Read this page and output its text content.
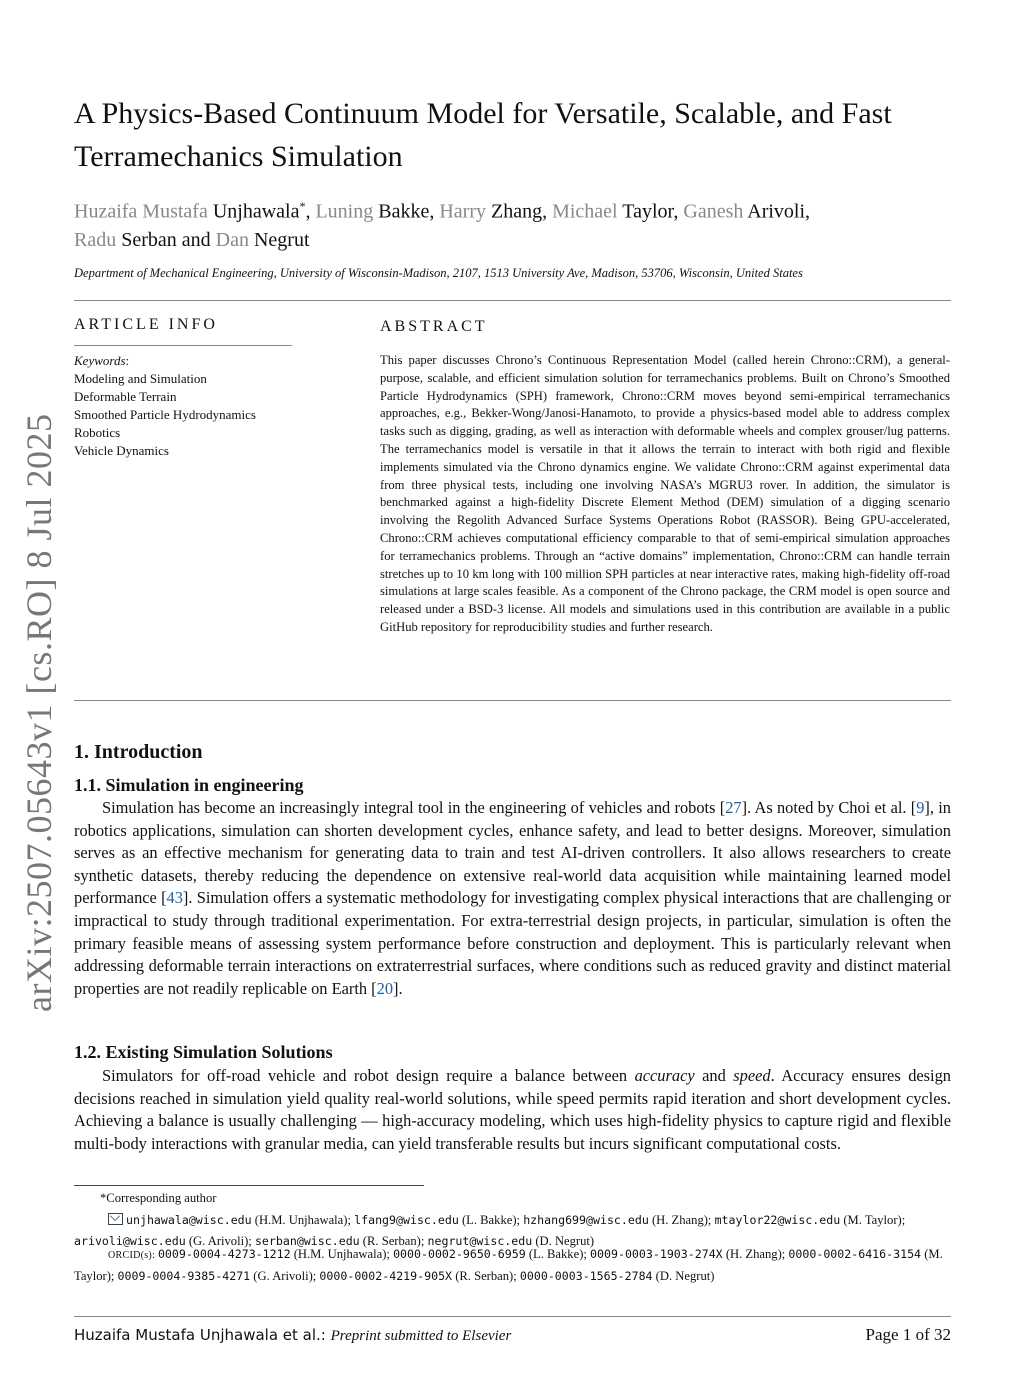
arXiv:2507.05643v1 [cs.RO] 8 Jul 2025
A Physics-Based Continuum Model for Versatile, Scalable, and Fast Terramechanics Simulation
Huzaifa Mustafa Unjhawala*, Luning Bakke, Harry Zhang, Michael Taylor, Ganesh Arivoli,
Radu Serban and Dan Negrut
Department of Mechanical Engineering, University of Wisconsin-Madison, 2107, 1513 University Ave, Madison, 53706, Wisconsin, United States
ARTICLE INFO
Keywords:
Modeling and Simulation
Deformable Terrain
Smoothed Particle Hydrodynamics
Robotics
Vehicle Dynamics
ABSTRACT
This paper discusses Chrono’s Continuous Representation Model (called herein Chrono::CRM), a general-purpose, scalable, and efficient simulation solution for terramechanics problems. Built on Chrono’s Smoothed Particle Hydrodynamics (SPH) framework, Chrono::CRM moves beyond semi-empirical terramechanics approaches, e.g., Bekker-Wong/Janosi-Hanamoto, to provide a physics-based model able to address complex tasks such as digging, grading, as well as interaction with deformable wheels and complex grouser/lug patterns. The terramechanics model is versatile in that it allows the terrain to interact with both rigid and flexible implements simulated via the Chrono dynamics engine. We validate Chrono::CRM against experimental data from three physical tests, including one involving NASA’s MGRU3 rover. In addition, the simulator is benchmarked against a high-fidelity Discrete Element Method (DEM) simulation of a digging scenario involving the Regolith Advanced Surface Systems Operations Robot (RASSOR). Being GPU-accelerated, Chrono::CRM achieves computational efficiency comparable to that of semi-empirical simulation approaches for terramechanics problems. Through an “active domains” implementation, Chrono::CRM can handle terrain stretches up to 10 km long with 100 million SPH particles at near interactive rates, making high-fidelity off-road simulations at large scales feasible. As a component of the Chrono package, the CRM model is open source and released under a BSD-3 license. All models and simulations used in this contribution are available in a public GitHub repository for reproducibility studies and further research.
1. Introduction
1.1. Simulation in engineering
Simulation has become an increasingly integral tool in the engineering of vehicles and robots [27]. As noted by Choi et al. [9], in robotics applications, simulation can shorten development cycles, enhance safety, and lead to better designs. Moreover, simulation serves as an effective mechanism for generating data to train and test AI-driven controllers. It also allows researchers to create synthetic datasets, thereby reducing the dependence on extensive real-world data acquisition while maintaining learned model performance [43]. Simulation offers a systematic methodology for investigating complex physical interactions that are challenging or impractical to study through traditional experimentation. For extra-terrestrial design projects, in particular, simulation is often the primary feasible means of assessing system performance before construction and deployment. This is particularly relevant when addressing deformable terrain interactions on extraterrestrial surfaces, where conditions such as reduced gravity and distinct material properties are not readily replicable on Earth [20].
1.2. Existing Simulation Solutions
Simulators for off-road vehicle and robot design require a balance between accuracy and speed. Accuracy ensures design decisions reached in simulation yield quality real-world solutions, while speed permits rapid iteration and short development cycles. Achieving a balance is usually challenging — high-accuracy modeling, which uses high-fidelity physics to capture rigid and flexible multi-body interactions with granular media, can yield transferable results but incurs significant computational costs.
*Corresponding author
unjhawala@wisc.edu (H.M. Unjhawala); lfang9@wisc.edu (L. Bakke); hzhang699@wisc.edu (H. Zhang); mtaylor22@wisc.edu (M. Taylor); arivoli@wisc.edu (G. Arivoli); serban@wisc.edu (R. Serban); negrut@wisc.edu (D. Negrut)
ORCID(s): 0009-0004-4273-1212 (H.M. Unjhawala); 0000-0002-9650-6959 (L. Bakke); 0009-0003-1903-274X (H. Zhang); 0000-0002-6416-3154 (M. Taylor); 0009-0004-9385-4271 (G. Arivoli); 0000-0002-4219-905X (R. Serban); 0000-0003-1565-2784 (D. Negrut)
Huzaifa Mustafa Unjhawala et al.: Preprint submitted to Elsevier	Page 1 of 32
